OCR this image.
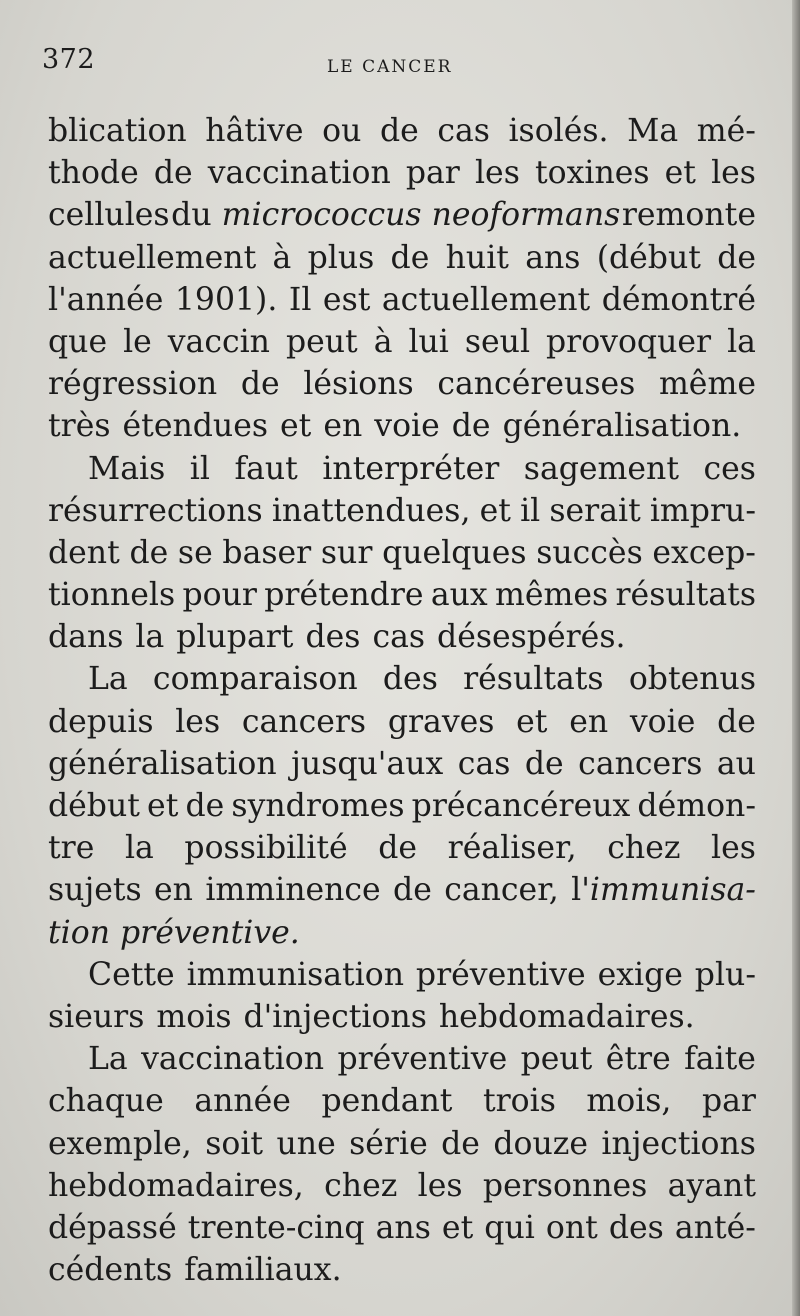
372	LE CANCER
blication hâtive ou de cas isolés. Ma mé-
thode de vaccination par les toxines et les
cellules du micrococcus neoformans remonte
actuellement à plus de huit ans (début de
l'année 1901). Il est actuellement démontré
que le vaccin peut à lui seul provoquer la
régression de lésions cancéreuses même
très étendues et en voie de généralisation.
Mais il faut interpréter sagement ces
résurrections inattendues, et il serait impru-
dent de se baser sur quelques succès excep-
tionnels pour prétendre aux mêmes résultats
dans la plupart des cas désespérés.
La comparaison des résultats obtenus
depuis les cancers graves et en voie de
généralisation jusqu'aux cas de cancers au
début et de syndromes précancéreux démon-
tre la possibilité de réaliser, chez les
sujets en imminence de cancer, l'immunisa-
tion préventive.
Cette immunisation préventive exige plu-
sieurs mois d'injections hebdomadaires.
La vaccination préventive peut être faite
chaque année pendant trois mois, par
exemple, soit une série de douze injections
hebdomadaires, chez les personnes ayant
dépassé trente-cinq ans et qui ont des anté-
cédents familiaux.
